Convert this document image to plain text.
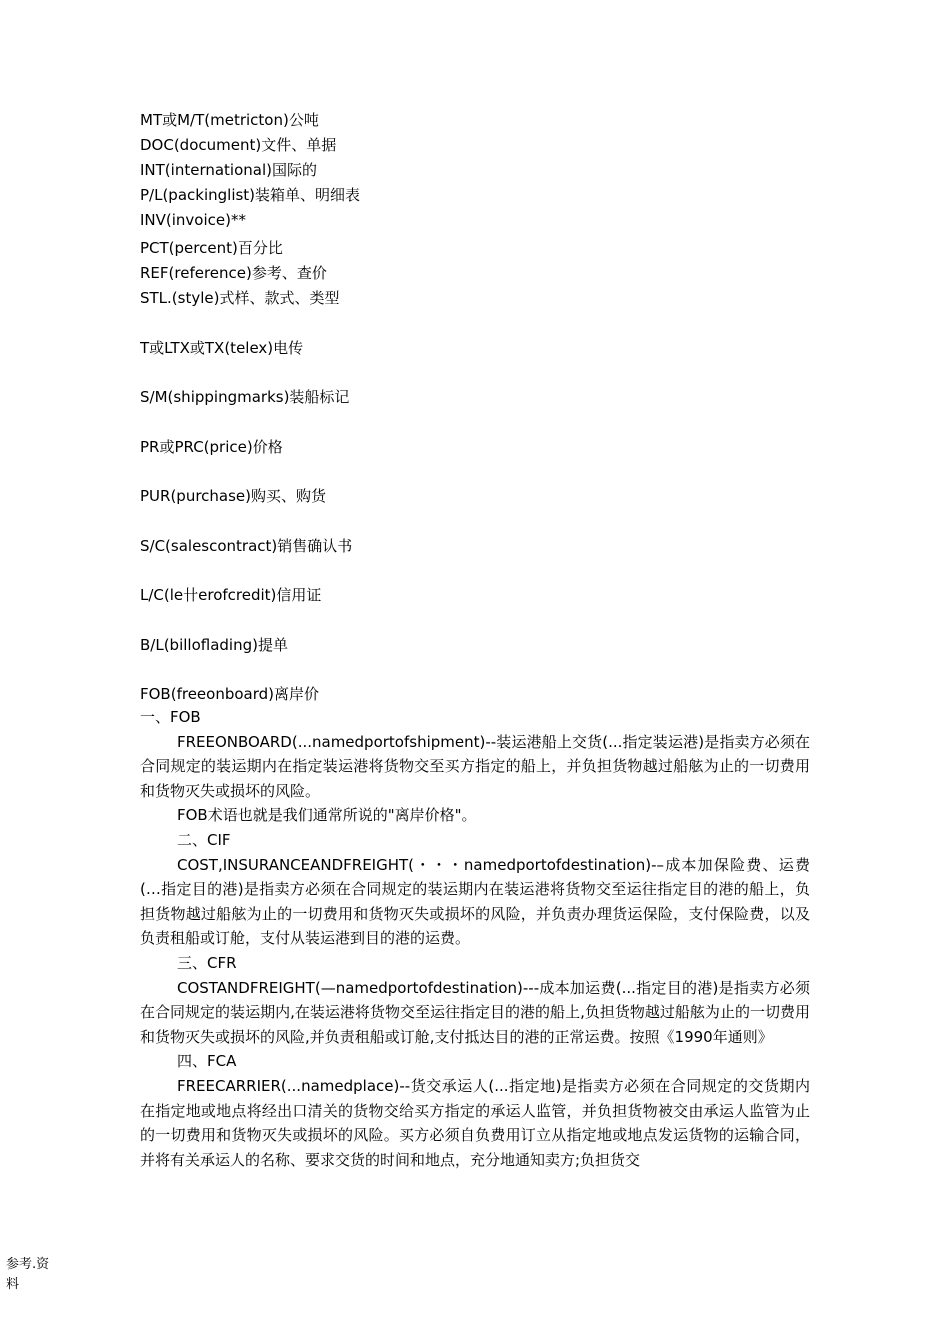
MT或M/T(metricton)公吨
DOC(document)文件、单据
INT(international)国际的
P/L(packinglist)装箱单、明细表
INV(invoice)**
PCT(percent)百分比
REF(reference)参考、查价
STL.(style)式样、款式、类型
T或LTX或TX(telex)电传
S/M(shippingmarks)装船标记
PR或PRC(price)价格
PUR(purchase)购买、购货
S/C(salescontract)销售确认书
L/C(le卄erofcredit)信用证
B/L(billoflading)提单
FOB(freeonboard)离岸价

一、FOB

FREEONBOARD(...namedportofshipment)--装运港船上交货(...指定装运港)是指卖方必须在合同规定的装运期内在指定装运港将货物交至买方指定的船上，并负担货物越过船舷为止的一切费用和货物灭失或损坏的风险。

FOB术语也就是我们通常所说的"离岸价格"。

二、CIF

COST,INSURANCEANDFREIGHT(・・・namedportofdestination)-–成本加保险费、运费(…指定目的港)是指卖方必须在合同规定的装运期内在装运港将货物交至运往指定目的港的船上，负担货物越过船舷为止的一切费用和货物灭失或损坏的风险，并负责办理货运保险，支付保险费，以及负责租船或订舱，支付从装运港到目的港的运费。

三、CFR

COSTANDFREIGHT(—namedportofdestination)---成本加运费(...指定目的港)是指卖方必须在合同规定的装运期内,在装运港将货物交至运往指定目的港的船上,负担货物越过船舷为止的一切费用和货物灭失或损坏的风险,并负责租船或订舱,支付抵达目的港的正常运费。按照《1990年通则》

四、FCA

FREECARRIER(...namedplace)--货交承运人(...指定地)是指卖方必须在合同规定的交货期内在指定地或地点将经出口清关的货物交给买方指定的承运人监管，并负担货物被交由承运人监管为止的一切费用和货物灭失或损坏的风险。买方必须自负费用订立从指定地或地点发运货物的运输合同，并将有关承运人的名称、要求交货的时间和地点，充分地通知卖方;负担货交

参考.资料
